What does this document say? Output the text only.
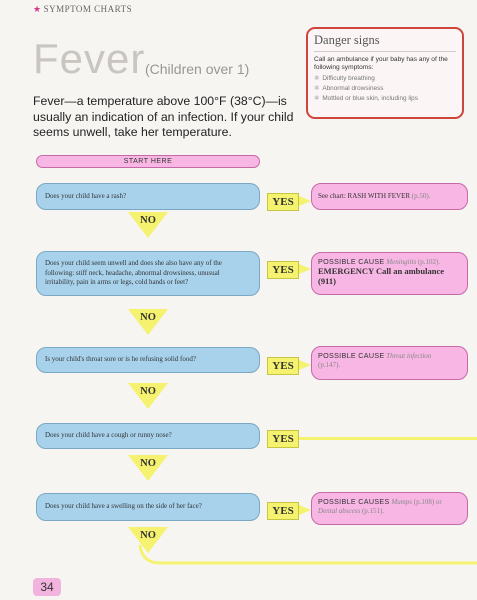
★ SYMPTOM CHARTS
Fever (Children over 1)
Fever—a temperature above 100°F (38°C)—is usually an indication of an infection. If your child seems unwell, take her temperature.
Danger signs
Call an ambulance if your baby has any of the following symptoms:
✱ Difficulty breathing
✱ Abnormal drowsiness
✱ Mottled or blue skin, including lips
START HERE
Does your child have a rash?
YES	See chart: RASH WITH FEVER
(p.50).
NO
Does your child seem unwell and does she also have any of the following: stiff neck, headache, abnormal drowsiness, unusual irritability, pain in arms or legs, cold hands or feet?
YES
POSSIBLE CAUSE Meningitis (p.102).
EMERGENCY Call an ambulance (911)
NO
Is your child's throat sore or is he refusing solid food?
YES
POSSIBLE CAUSE Throat infection
(p.147).
NO
Does your child have a cough or runny nose?	YES
NO
Does your child have a swelling on the side of her face?	YES
POSSIBLE CAUSES Mumps (p.108) or
Dental abscess (p.151).
NO
34
